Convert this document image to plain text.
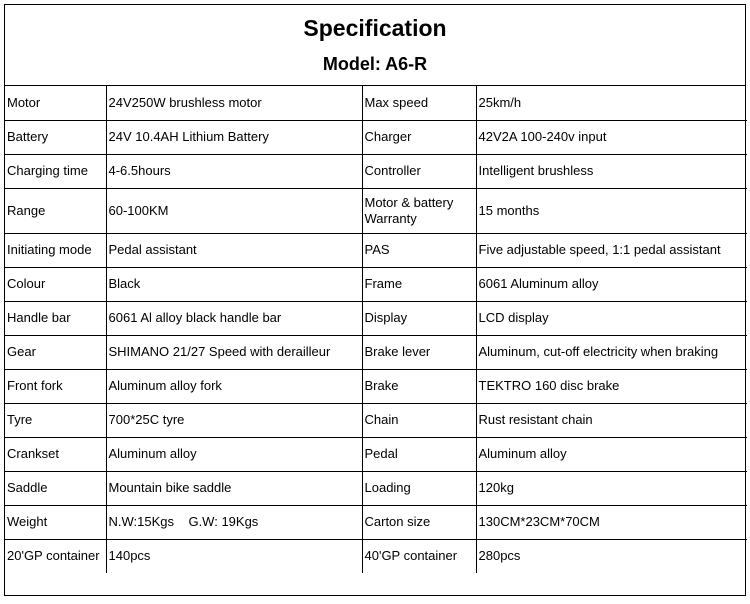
Specification
Model: A6-R
Motor	24V250W brushless motor	Max speed	25km/h
Battery	24V 10.4AH Lithium Battery	Charger	42V2A 100-240v input
Charging time	4-6.5hours	Controller	Intelligent brushless
Range	60-100KM	Motor & battery Warranty	15 months
Initiating mode	Pedal assistant	PAS	Five adjustable speed, 1:1 pedal assistant
Colour	Black	Frame	6061 Aluminum alloy
Handle bar	6061 Al alloy black handle bar	Display	LCD display
Gear	SHIMANO 21/27 Speed with derailleur	Brake lever	Aluminum, cut-off electricity when braking
Front fork	Aluminum alloy fork	Brake	TEKTRO 160 disc brake
Tyre	700*25C tyre	Chain	Rust resistant chain
Crankset	Aluminum alloy	Pedal	Aluminum alloy
Saddle	Mountain bike saddle	Loading	120kg
Weight	N.W:15Kgs    G.W: 19Kgs	Carton size	130CM*23CM*70CM
20'GP container	140pcs	40'GP container	280pcs
